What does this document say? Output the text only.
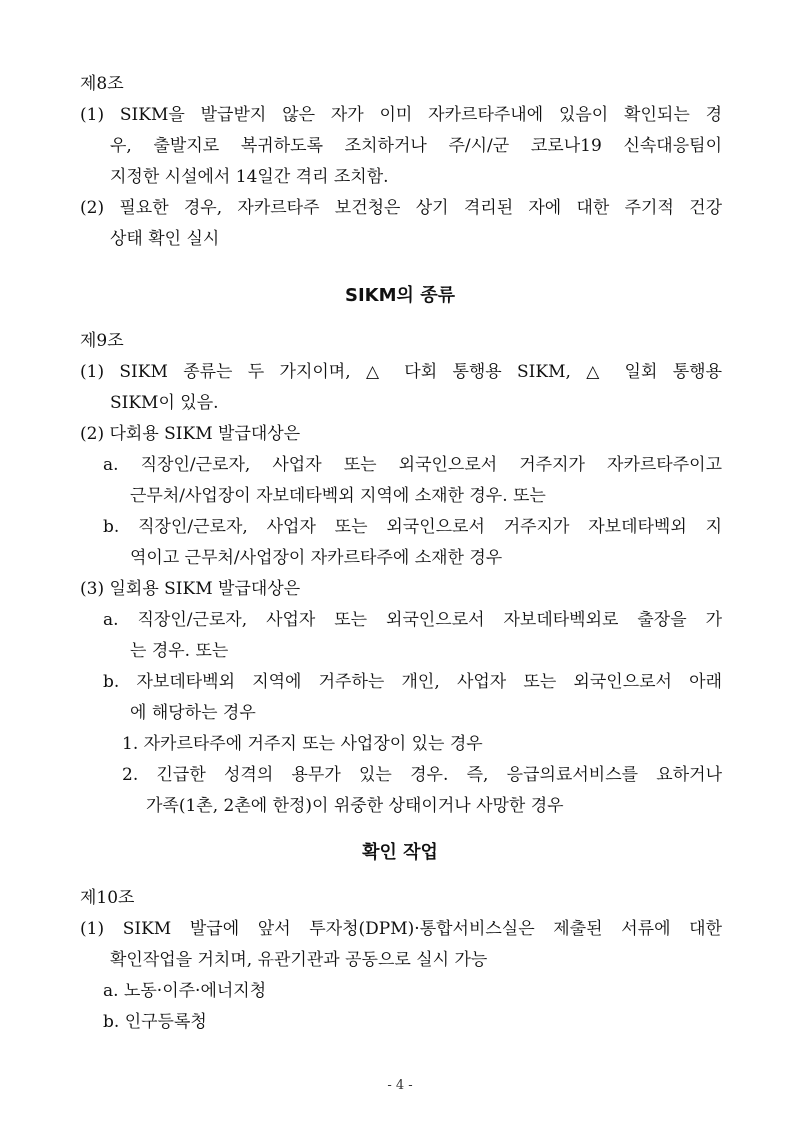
제8조
(1) SIKM을 발급받지 않은 자가 이미 자카르타주내에 있음이 확인되는 경
우, 출발지로 복귀하도록 조치하거나 주/시/군 코로나19 신속대응팀이
지정한 시설에서 14일간 격리 조치함.
(2) 필요한 경우, 자카르타주 보건청은 상기 격리된 자에 대한 주기적 건강
상태 확인 실시
SIKM의 종류
제9조
(1) SIKM 종류는 두 가지이며, △ 다회 통행용 SIKM, △ 일회 통행용
SIKM이 있음.
(2) 다회용 SIKM 발급대상은
a. 직장인/근로자, 사업자 또는 외국인으로서 거주지가 자카르타주이고
근무처/사업장이 자보데타벡외 지역에 소재한 경우. 또는
b. 직장인/근로자, 사업자 또는 외국인으로서 거주지가 자보데타벡외 지
역이고 근무처/사업장이 자카르타주에 소재한 경우
(3) 일회용 SIKM 발급대상은
a. 직장인/근로자, 사업자 또는 외국인으로서 자보데타벡외로 출장을 가
는 경우. 또는
b. 자보데타벡외 지역에 거주하는 개인, 사업자 또는 외국인으로서 아래
에 해당하는 경우
1. 자카르타주에 거주지 또는 사업장이 있는 경우
2. 긴급한 성격의 용무가 있는 경우. 즉, 응급의료서비스를 요하거나
가족(1촌, 2촌에 한정)이 위중한 상태이거나 사망한 경우
확인 작업
제10조
(1) SIKM 발급에 앞서 투자청(DPM)·통합서비스실은 제출된 서류에 대한
확인작업을 거치며, 유관기관과 공동으로 실시 가능
a. 노동·이주·에너지청
b. 인구등록청
- 4 -
